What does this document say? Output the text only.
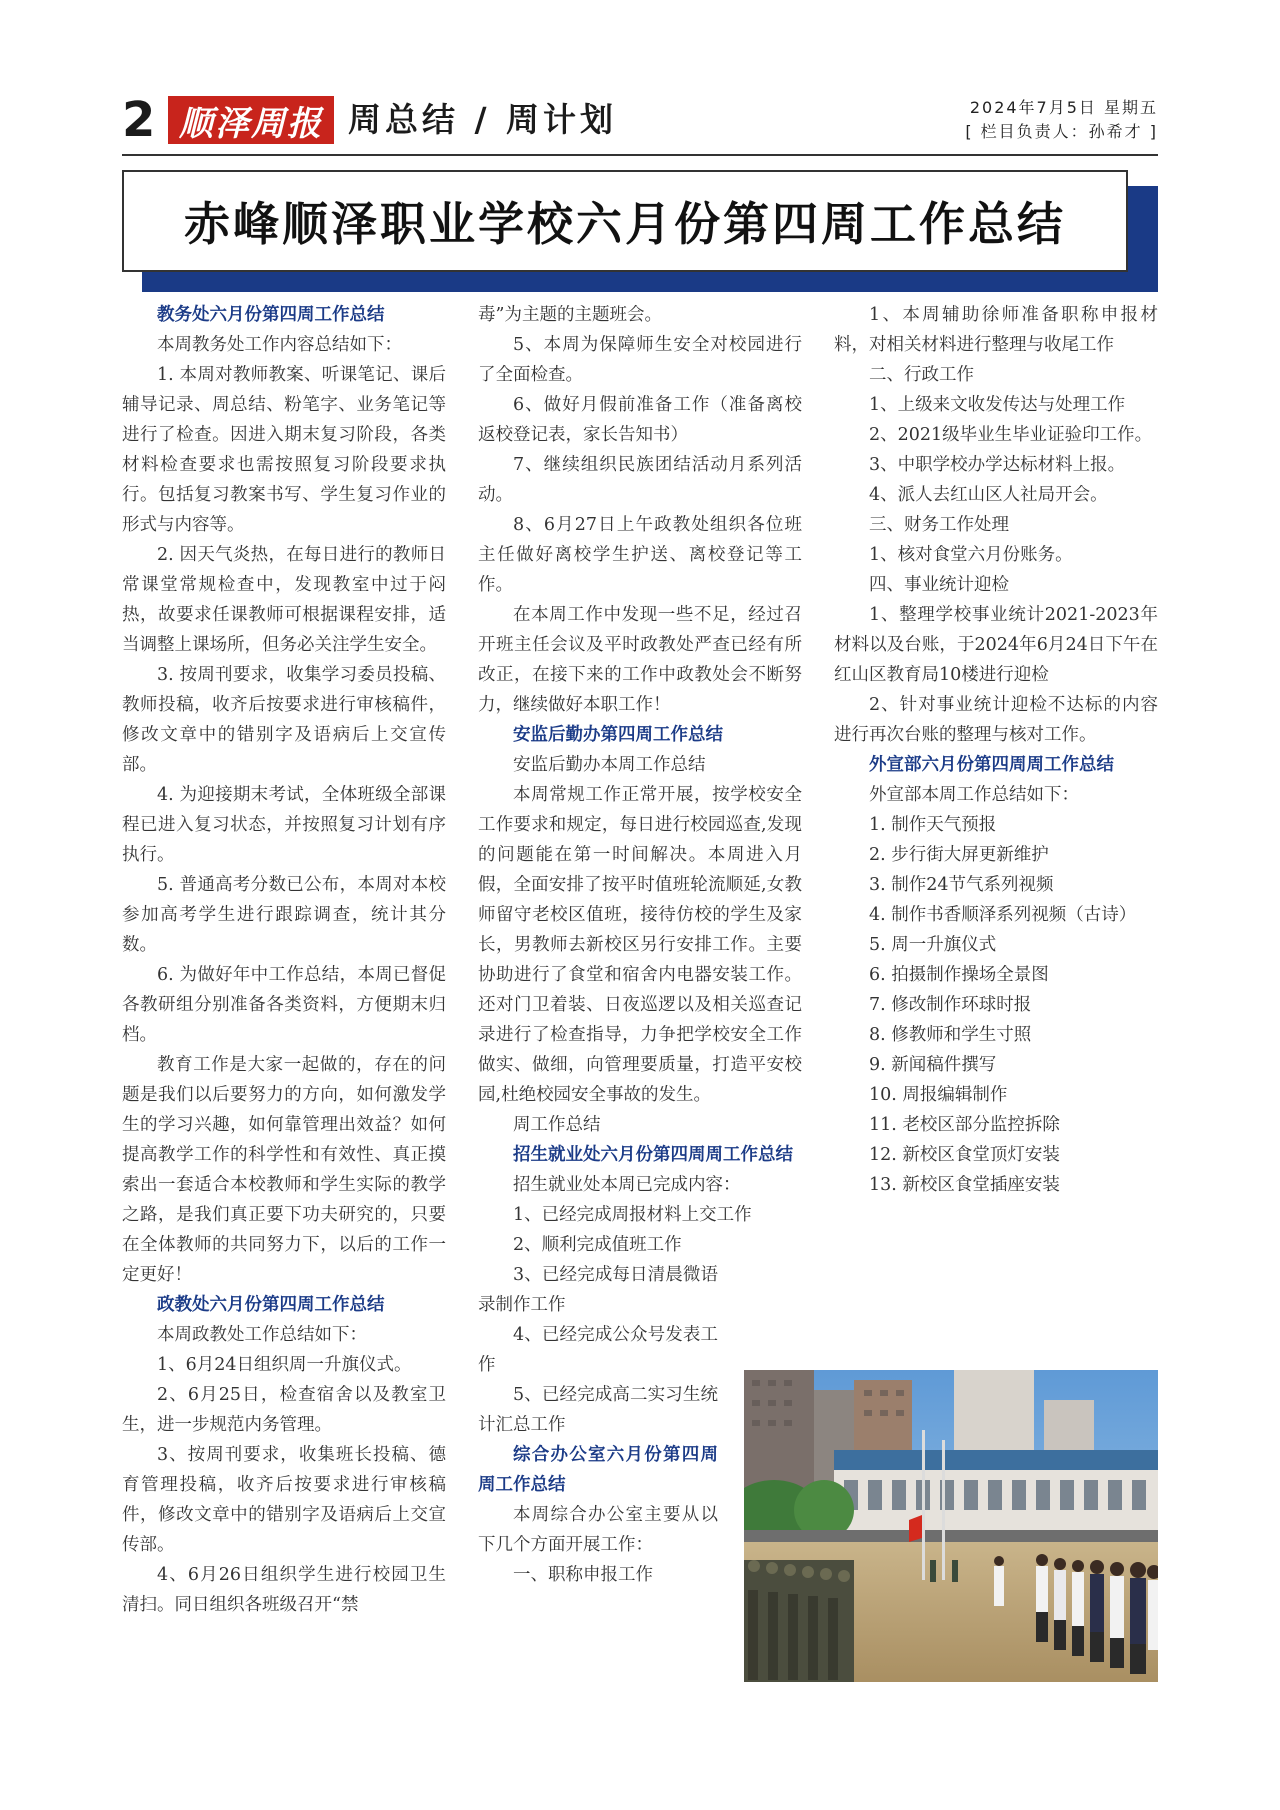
2 顺泽周报 周总结 / 周计划	2024年7月5日 星期五
[ 栏目负责人：孙希才 ]
赤峰顺泽职业学校六月份第四周工作总结
教务处六月份第四周工作总结

本周教务处工作内容总结如下：

1. 本周对教师教案、听课笔记、课后辅导记录、周总结、粉笔字、业务笔记等进行了检查。因进入期末复习阶段，各类材料检查要求也需按照复习阶段要求执行。包括复习教案书写、学生复习作业的形式与内容等。

2. 因天气炎热，在每日进行的教师日常课堂常规检查中，发现教室中过于闷热，故要求任课教师可根据课程安排，适当调整上课场所，但务必关注学生安全。

3. 按周刊要求，收集学习委员投稿、教师投稿，收齐后按要求进行审核稿件，修改文章中的错别字及语病后上交宣传部。

4. 为迎接期末考试，全体班级全部课程已进入复习状态，并按照复习计划有序执行。

5. 普通高考分数已公布，本周对本校参加高考学生进行跟踪调查，统计其分数。

6. 为做好年中工作总结，本周已督促各教研组分别准备各类资料，方便期末归档。

教育工作是大家一起做的，存在的问题是我们以后要努力的方向，如何激发学生的学习兴趣，如何靠管理出效益？如何提高教学工作的科学性和有效性、真正摸索出一套适合本校教师和学生实际的教学之路，是我们真正要下功夫研究的，只要在全体教师的共同努力下，以后的工作一定更好！

政教处六月份第四周工作总结

本周政教处工作总结如下：

1、6月24日组织周一升旗仪式。

2、6月25日，检查宿舍以及教室卫生，进一步规范内务管理。

3、按周刊要求，收集班长投稿、德育管理投稿，收齐后按要求进行审核稿件，修改文章中的错别字及语病后上交宣传部。

4、6月26日组织学生进行校园卫生清扫。同日组织各班级召开“禁

毒”为主题的主题班会。

5、本周为保障师生安全对校园进行了全面检查。

6、做好月假前准备工作（准备离校返校登记表，家长告知书）

7、继续组织民族团结活动月系列活动。

8、6月27日上午政教处组织各位班主任做好离校学生护送、离校登记等工作。

在本周工作中发现一些不足，经过召开班主任会议及平时政教处严查已经有所改正，在接下来的工作中政教处会不断努力，继续做好本职工作！

安监后勤办第四周工作总结

安监后勤办本周工作总结

本周常规工作正常开展，按学校安全工作要求和规定，每日进行校园巡查,发现的问题能在第一时间解决。本周进入月假，全面安排了按平时值班轮流顺延,女教师留守老校区值班，接待仿校的学生及家长，男教师去新校区另行安排工作。主要协助进行了食堂和宿舍内电器安装工作。还对门卫着装、日夜巡逻以及相关巡查记录进行了检查指导，力争把学校安全工作做实、做细，向管理要质量，打造平安校园,杜绝校园安全事故的发生。

周工作总结

招生就业处六月份第四周周工作总结

招生就业处本周已完成内容：

1、已经完成周报材料上交工作

2、顺利完成值班工作

3、已经完成每日清晨微语录制作工作

4、已经完成公众号发表工作

5、已经完成高二实习生统计汇总工作

综合办公室六月份第四周周工作总结

本周综合办公室主要从以下几个方面开展工作：

一、职称申报工作

1、本周辅助徐师准备职称申报材料，对相关材料进行整理与收尾工作

二、行政工作

1、上级来文收发传达与处理工作

2、2021级毕业生毕业证验印工作。

3、中职学校办学达标材料上报。

4、派人去红山区人社局开会。

三、财务工作处理

1、核对食堂六月份账务。

四、事业统计迎检

1、整理学校事业统计2021-2023年材料以及台账，于2024年6月24日下午在红山区教育局10楼进行迎检

2、针对事业统计迎检不达标的内容进行再次台账的整理与核对工作。

外宣部六月份第四周周工作总结

外宣部本周工作总结如下：

1. 制作天气预报

2. 步行街大屏更新维护

3. 制作24节气系列视频

4. 制作书香顺泽系列视频（古诗）

5. 周一升旗仪式

6. 拍摄制作操场全景图

7. 修改制作环球时报

8. 修教师和学生寸照

9. 新闻稿件撰写

10. 周报编辑制作

11. 老校区部分监控拆除

12. 新校区食堂顶灯安装

13. 新校区食堂插座安装
